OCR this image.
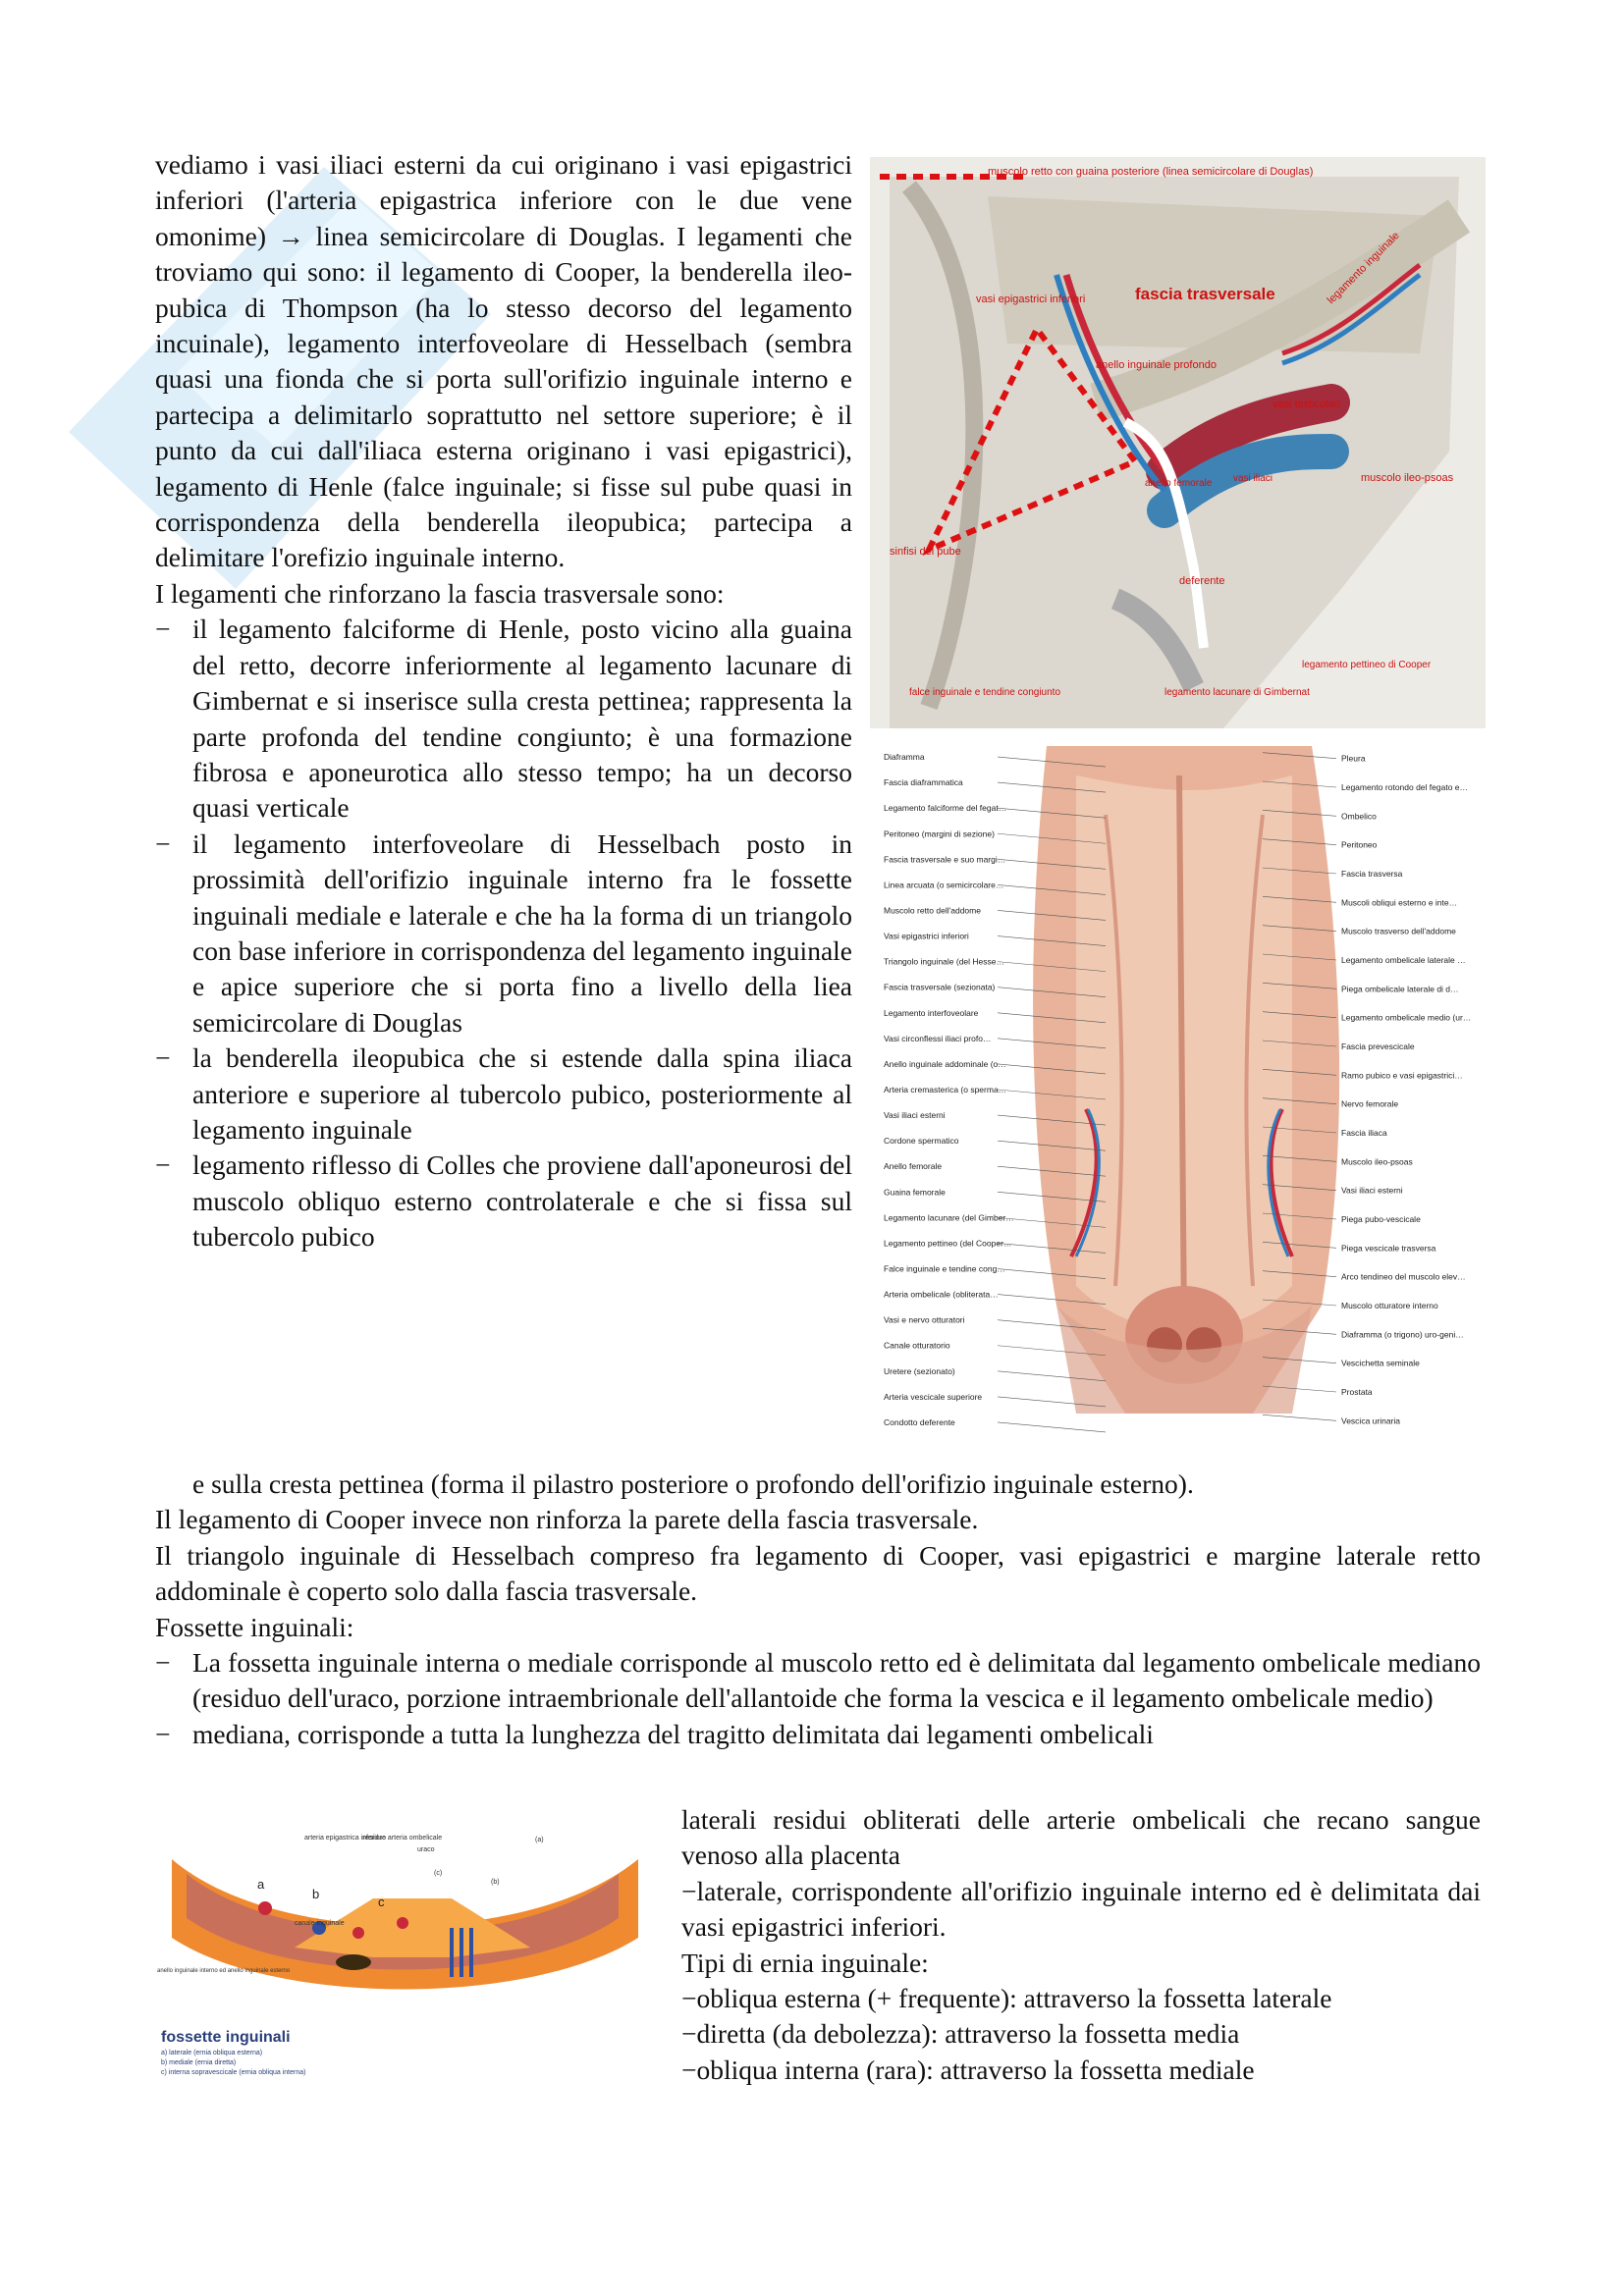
vediamo i vasi iliaci esterni da cui originano i vasi epigastrici inferiori (l'arteria epigastrica inferiore con le due vene omonime) → linea semicircolare di Douglas. I legamenti che troviamo qui sono: il legamento di Cooper, la benderella ileo-pubica di Thompson (ha lo stesso decorso del legamento incuinale), legamento interfoveolare di Hesselbach (sembra quasi una fionda che si porta sull'orifizio inguinale interno e partecipa a delimitarlo soprattutto nel settore superiore; è il punto da cui dall'iliaca esterna originano i vasi epigastrici), legamento di Henle (falce inguinale; si fisse sul pube quasi in corrispondenza della benderella ileopubica; partecipa a delimitare l'orefizio inguinale interno.

I legamenti che rinforzano la fascia trasversale sono:

− il legamento falciforme di Henle, posto vicino alla guaina del retto, decorre inferiormente al legamento lacunare di Gimbernat e si inserisce sulla cresta pettinea; rappresenta la parte profonda del tendine congiunto; è una formazione fibrosa e aponeurotica allo stesso tempo; ha un decorso quasi verticale

− il legamento interfoveolare di Hesselbach posto in prossimità dell'orifizio inguinale interno fra le fossette inguinali mediale e laterale e che ha la forma di un triangolo con base inferiore in corrispondenza del legamento inguinale e apice superiore che si porta fino a livello della liea semicircolare di Douglas

− la benderella ileopubica che si estende dalla spina iliaca anteriore e superiore al tubercolo pubico, posteriormente al legamento inguinale

− legamento riflesso di Colles che proviene dall'aponeurosi del muscolo obliquo esterno controlaterale e che si fissa sul tubercolo pubico

e sulla cresta pettinea (forma il pilastro posteriore o profondo dell'orifizio inguinale esterno).

Il legamento di Cooper invece non rinforza la parete della fascia trasversale.

Il triangolo inguinale di Hesselbach compreso fra legamento di Cooper, vasi epigastrici e margine laterale retto addominale è coperto solo dalla fascia trasversale.

Fossette inguinali:

− La fossetta inguinale interna o mediale corrisponde al muscolo retto ed è delimitata dal legamento ombelicale mediano (residuo dell'uraco, porzione intraembrionale dell'allantoide che forma la vescica e il legamento ombelicale medio)

− mediana, corrisponde a tutta la lunghezza del tragitto delimitata dai legamenti ombelicali

laterali residui obliterati delle arterie ombelicali che recano sangue venoso alla placenta

−laterale, corrispondente all'orifizio inguinale interno ed è delimitata dai vasi epigastrici inferiori.

Tipi di ernia inguinale:

−obliqua esterna (+ frequente): attraverso la fossetta laterale

−diretta (da debolezza): attraverso la fossetta media

−obliqua interna (rara): attraverso la fossetta mediale

muscolo retto con guaina posteriore (linea semicircolare di Douglas)
vasi epigastrici inferiori	fascia trasversale	legamento inguinale
anello inguinale profondo
vasi testicolari
anello femorale vasi iliaci	muscolo ileo-psoas
sinfisi del pube
deferente
legamento pettineo di Cooper
falce inguinale e tendine congiunto	legamento lacunare di Gimbernat
Diaframma
Fascia diaframmatica
Legamento falciforme del fegat…
Peritoneo (margini di sezione)
Fascia trasversale e suo margi…
Linea arcuata (o semicircolare…
Muscolo retto dell'addome
Vasi epigastrici inferiori
Triangolo inguinale (del Hesse…
Fascia trasversale (sezionata)
Legamento interfoveolare
Vasi circonflessi iliaci profo…
Anello inguinale addominale (o…
Arteria cremasterica (o sperma…
Vasi iliaci esterni
Cordone spermatico
Anello femorale
Guaina femorale
Legamento lacunare (del Gimber…
Legamento pettineo (del Cooper…
Falce inguinale e tendine cong…
Arteria ombelicale (obliterata…
Vasi e nervo otturatori
Canale otturatorio
Uretere (sezionato)
Arteria vescicale superiore
Condotto deferente
Pleura
Legamento rotondo del fegato e…
Ombelico
Peritoneo
Fascia trasversa
Muscoli obliqui esterno e inte…
Muscolo trasverso dell'addome
Legamento ombelicale laterale …
Piega ombelicale laterale di d…
Legamento ombelicale medio (ur…
Fascia prevescicale
Ramo pubico e vasi epigastrici…
Nervo femorale
Fascia iliaca
Muscolo ileo-psoas
Vasi iliaci esterni
Piega pubo-vescicale
Piega vescicale trasversa
Arco tendineo del muscolo elev…
Muscolo otturatore interno
Diaframma (o trigono) uro-geni…
Vescichetta seminale
Prostata
Vescica urinaria
a
b
c
arteria epigastrica inferiore
residuo arteria ombelicale
uraco
(a)
(b)
(c)
canale inguinale
anello inguinale interno ed anello inguinale esterno
fossette inguinali
a) laterale (ernia obliqua esterna)
b) mediale (ernia diretta)
c) interna sopravescicale (ernia obliqua interna)
